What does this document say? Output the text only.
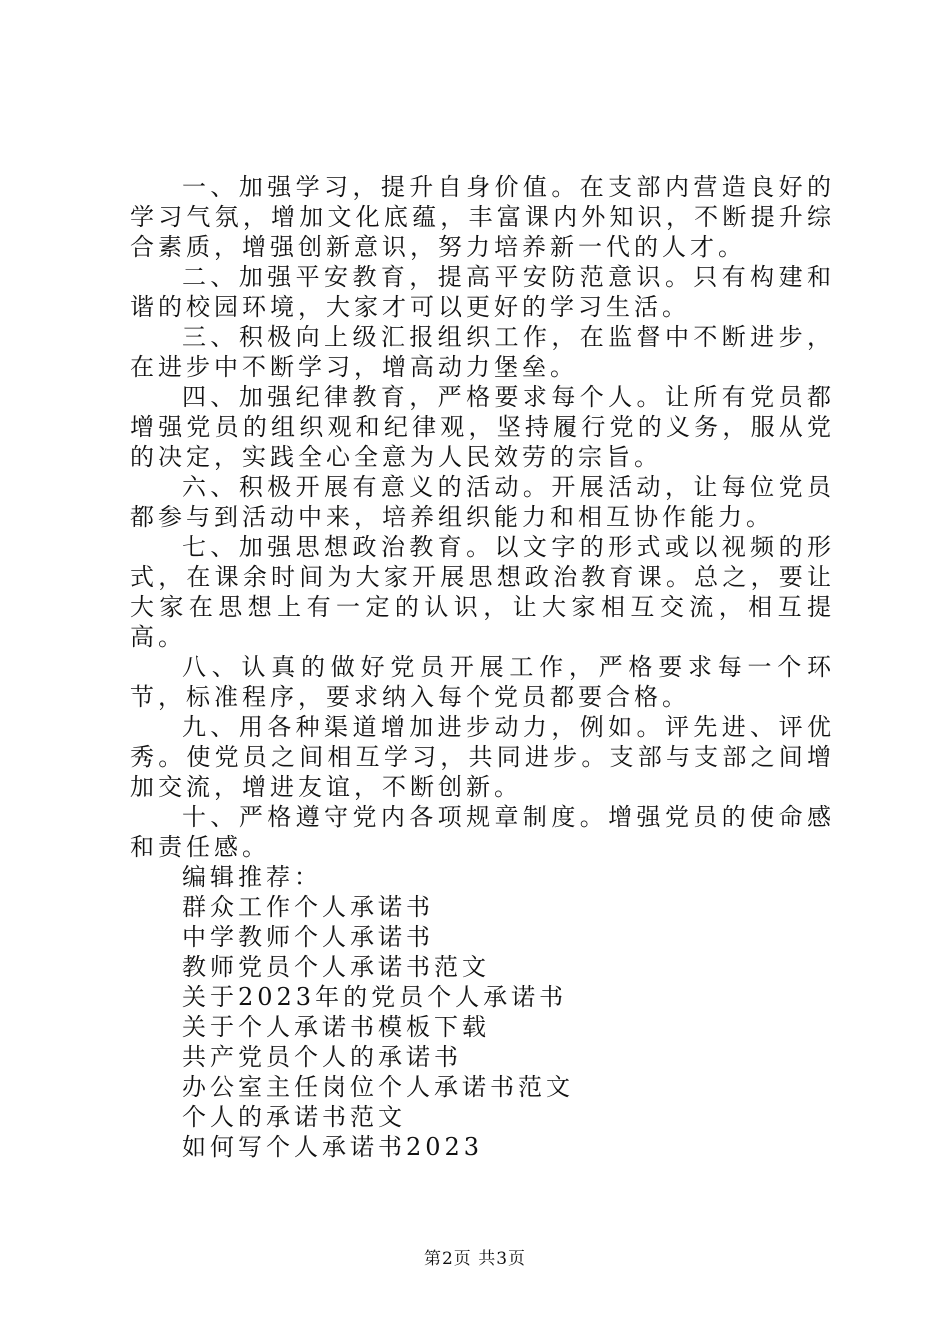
一、加强学习，提升自身价值。在支部内营造良好的学习气氛，增加文化底蕴，丰富课内外知识，不断提升综合素质，增强创新意识，努力培养新一代的人才。

二、加强平安教育，提高平安防范意识。只有构建和谐的校园环境，大家才可以更好的学习生活。

三、积极向上级汇报组织工作，在监督中不断进步，在进步中不断学习，增高动力堡垒。

四、加强纪律教育，严格要求每个人。让所有党员都增强党员的组织观和纪律观，坚持履行党的义务，服从党的决定，实践全心全意为人民效劳的宗旨。

六、积极开展有意义的活动。开展活动，让每位党员都参与到活动中来，培养组织能力和相互协作能力。

七、加强思想政治教育。以文字的形式或以视频的形式，在课余时间为大家开展思想政治教育课。总之，要让大家在思想上有一定的认识，让大家相互交流，相互提高。

八、认真的做好党员开展工作，严格要求每一个环节，标准程序，要求纳入每个党员都要合格。

九、用各种渠道增加进步动力，例如。评先进、评优秀。使党员之间相互学习，共同进步。支部与支部之间增加交流，增进友谊，不断创新。

十、严格遵守党内各项规章制度。增强党员的使命感和责任感。

编辑推荐：

群众工作个人承诺书
中学教师个人承诺书
教师党员个人承诺书范文
关于2023年的党员个人承诺书
关于个人承诺书模板下载
共产党员个人的承诺书
办公室主任岗位个人承诺书范文
个人的承诺书范文
如何写个人承诺书2023
第2页 共3页
